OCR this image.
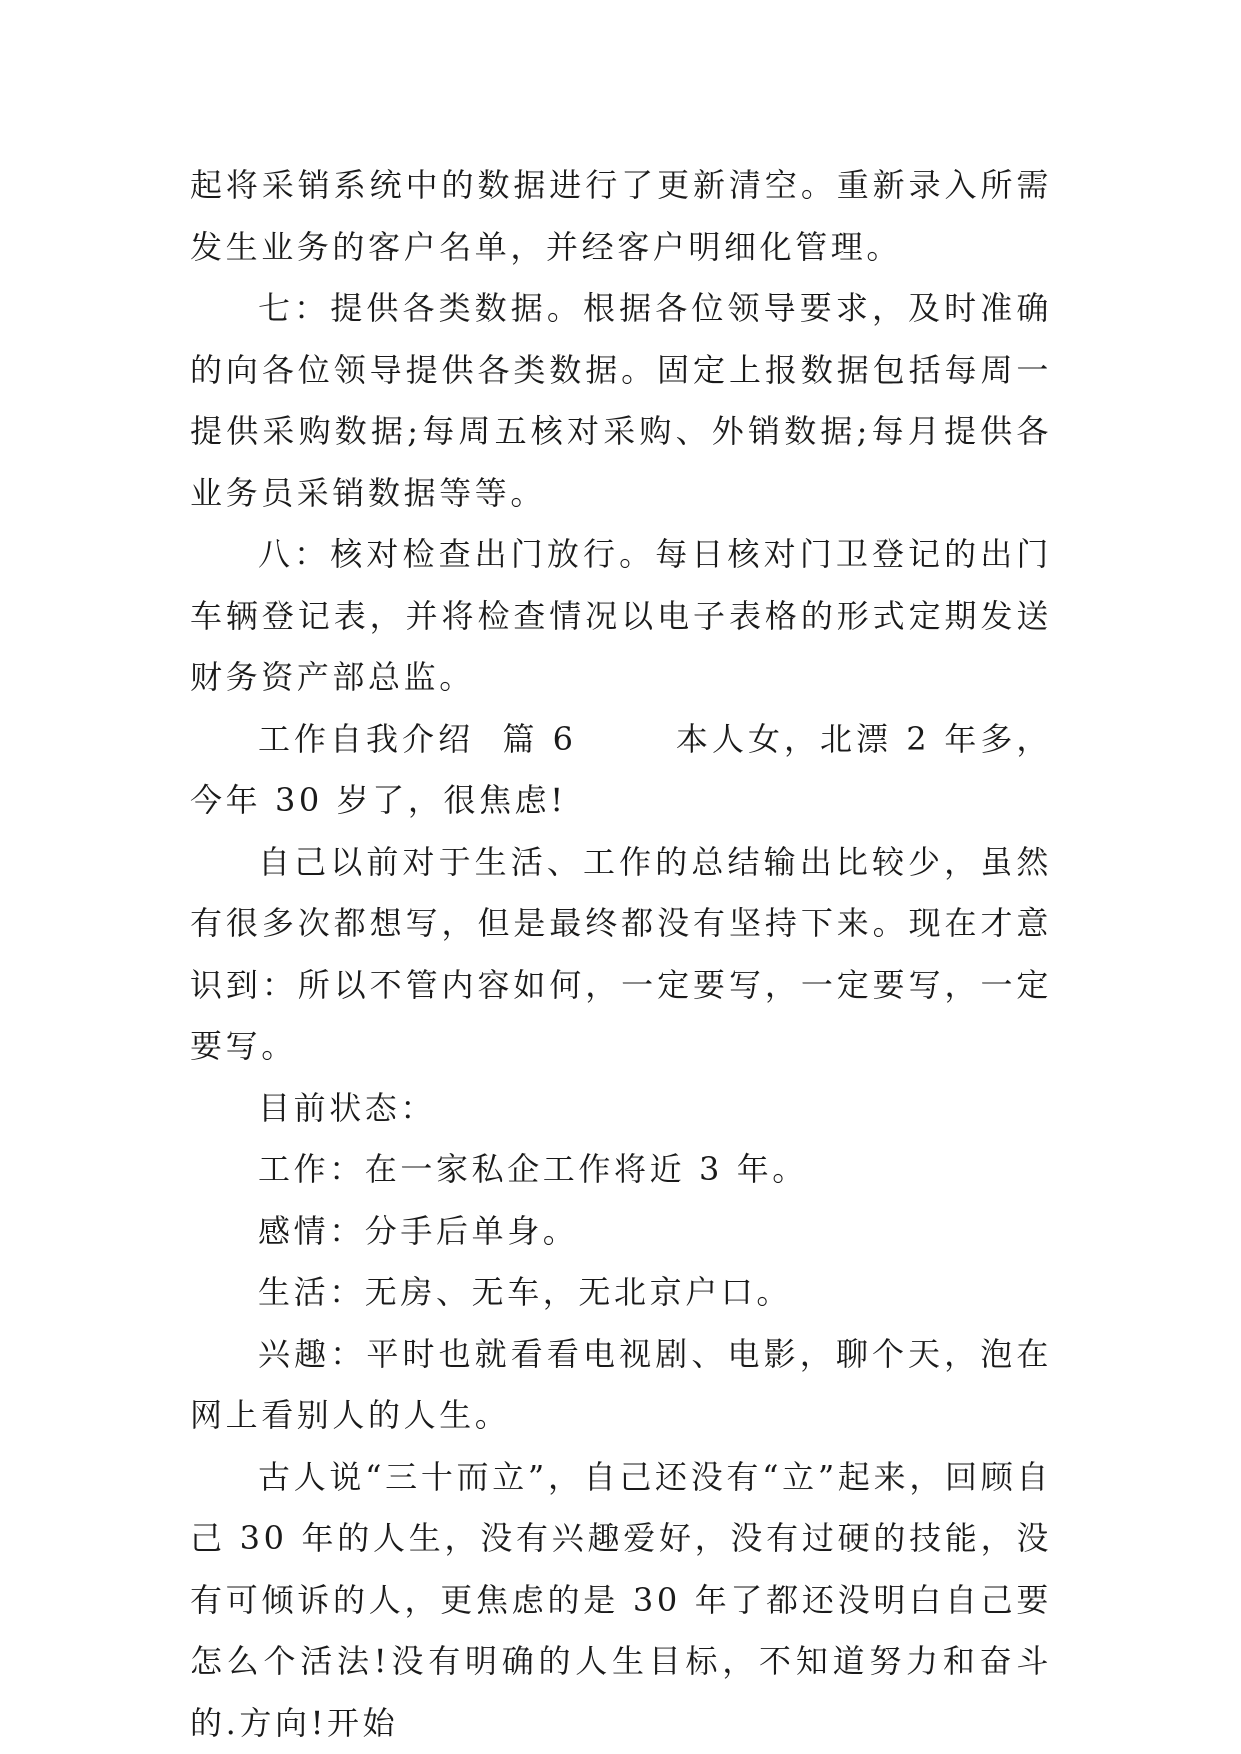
起将采销系统中的数据进行了更新清空。重新录入所需发生业务的客户名单，并经客户明细化管理。

七：提供各类数据。根据各位领导要求，及时准确的向各位领导提供各类数据。固定上报数据包括每周一提供采购数据;每周五核对采购、外销数据;每月提供各业务员采销数据等等。

八：核对检查出门放行。每日核对门卫登记的出门车辆登记表，并将检查情况以电子表格的形式定期发送财务资产部总监。

工作自我介绍  篇 6       本人女，北漂 2 年多，今年 30 岁了，很焦虑!

自己以前对于生活、工作的总结输出比较少，虽然有很多次都想写，但是最终都没有坚持下来。现在才意识到：所以不管内容如何，一定要写，一定要写，一定要写。

目前状态：

工作：在一家私企工作将近 3 年。

感情：分手后单身。

生活：无房、无车，无北京户口。

兴趣：平时也就看看电视剧、电影，聊个天，泡在网上看别人的人生。

古人说“三十而立”，自己还没有“立”起来，回顾自己 30 年的人生，没有兴趣爱好，没有过硬的技能，没有可倾诉的人，更焦虑的是 30 年了都还没明白自己要怎么个活法!没有明确的人生目标，不知道努力和奋斗的.方向!开始
